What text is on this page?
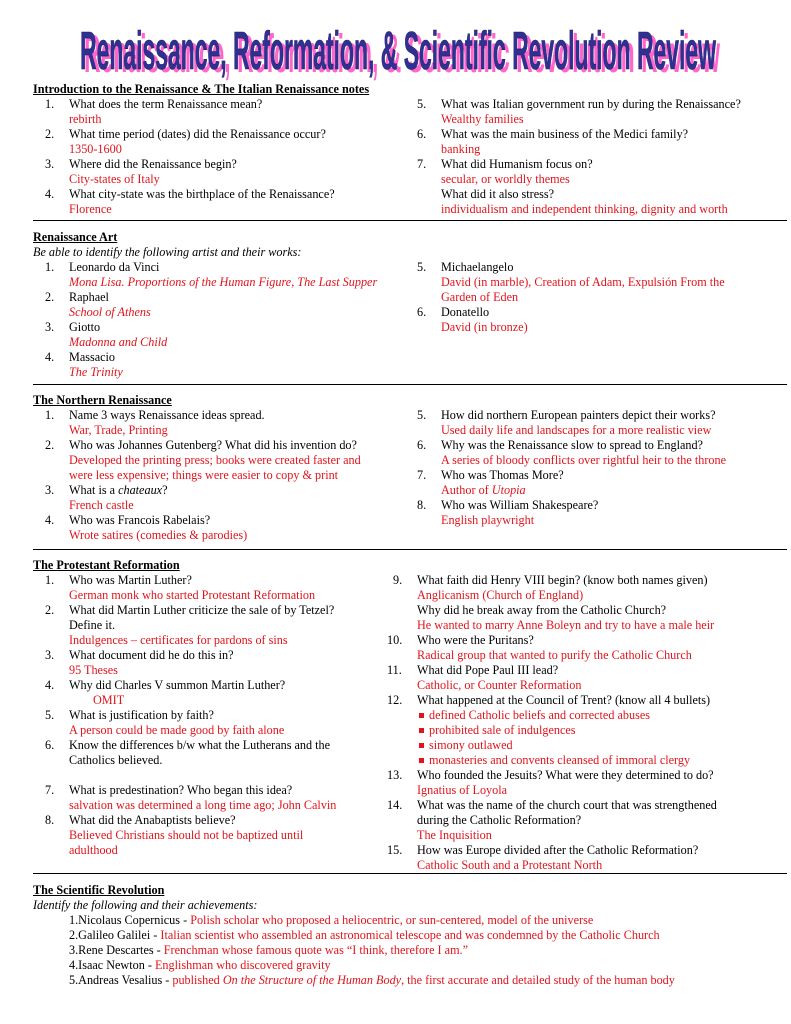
Renaissance, Reformation, & Scientific Revolution Review
Renaissance, Reformation, & Scientific Revolution Review
Introduction to the Renaissance & The Italian Renaissance notes
1. What does the term Renaissance mean?
rebirth
2. What time period (dates) did the Renaissance occur?
1350-1600
3. Where did the Renaissance begin?
City-states of Italy
4. What city-state was the birthplace of the Renaissance?
Florence
5. What was Italian government run by during the Renaissance?
Wealthy families
6. What was the main business of the Medici family?
banking
7. What did Humanism focus on?
secular, or worldly themes
What did it also stress?
individualism and independent thinking, dignity and worth
Renaissance Art
Be able to identify the following artist and their works:
1. Leonardo da Vinci
Mona Lisa. Proportions of the Human Figure, The Last Supper
2. Raphael
School of Athens
3. Giotto
Madonna and Child
4. Massacio
The Trinity
5. Michaelangelo
David (in marble), Creation of Adam, Expulsión From the
Garden of Eden
6. Donatello
David (in bronze)
The Northern Renaissance
1. Name 3 ways Renaissance ideas spread.
War, Trade, Printing
2. Who was Johannes Gutenberg? What did his invention do?
Developed the printing press; books were created faster and
were less expensive; things were easier to copy & print
3. What is a chateaux?
French castle
4. Who was Francois Rabelais?
Wrote satires (comedies & parodies)
5. How did northern European painters depict their works?
Used daily life and landscapes for a more realistic view
6. Why was the Renaissance slow to spread to England?
A series of bloody conflicts over rightful heir to the throne
7. Who was Thomas More?
Author of Utopia
8. Who was William Shakespeare?
English playwright
The Protestant Reformation
1. Who was Martin Luther?
German monk who started Protestant Reformation
2. What did Martin Luther criticize the sale of by Tetzel?
Define it.
Indulgences – certificates for pardons of sins
3. What document did he do this in?
95 Theses
4. Why did Charles V summon Martin Luther?
OMIT
5. What is justification by faith?
A person could be made good by faith alone
6. Know the differences b/w what the Lutherans and the
Catholics believed.
7. What is predestination? Who began this idea?
salvation was determined a long time ago; John Calvin
8. What did the Anabaptists believe?
Believed Christians should not be baptized until
adulthood
9. What faith did Henry VIII begin? (know both names given)
Anglicanism (Church of England)
Why did he break away from the Catholic Church?
He wanted to marry Anne Boleyn and try to have a male heir
10. Who were the Puritans?
Radical group that wanted to purify the Catholic Church
11. What did Pope Paul III lead?
Catholic, or Counter Reformation
12. What happened at the Council of Trent? (know all 4 bullets)
defined Catholic beliefs and corrected abuses
prohibited sale of indulgences
simony outlawed
monasteries and convents cleansed of immoral clergy
13. Who founded the Jesuits? What were they determined to do?
Ignatius of Loyola
14. What was the name of the church court that was strengthened
during the Catholic Reformation?
The Inquisition
15. How was Europe divided after the Catholic Reformation?
Catholic South and a Protestant North
The Scientific Revolution
Identify the following and their achievements:
1.Nicolaus Copernicus - Polish scholar who proposed a heliocentric, or sun-centered, model of the universe
2.Galileo Galilei - Italian scientist who assembled an astronomical telescope and was condemned by the Catholic Church
3.Rene Descartes - Frenchman whose famous quote was “I think, therefore I am.”
4.Isaac Newton - Englishman who discovered gravity
5.Andreas Vesalius - published On the Structure of the Human Body, the first accurate and detailed study of the human body
